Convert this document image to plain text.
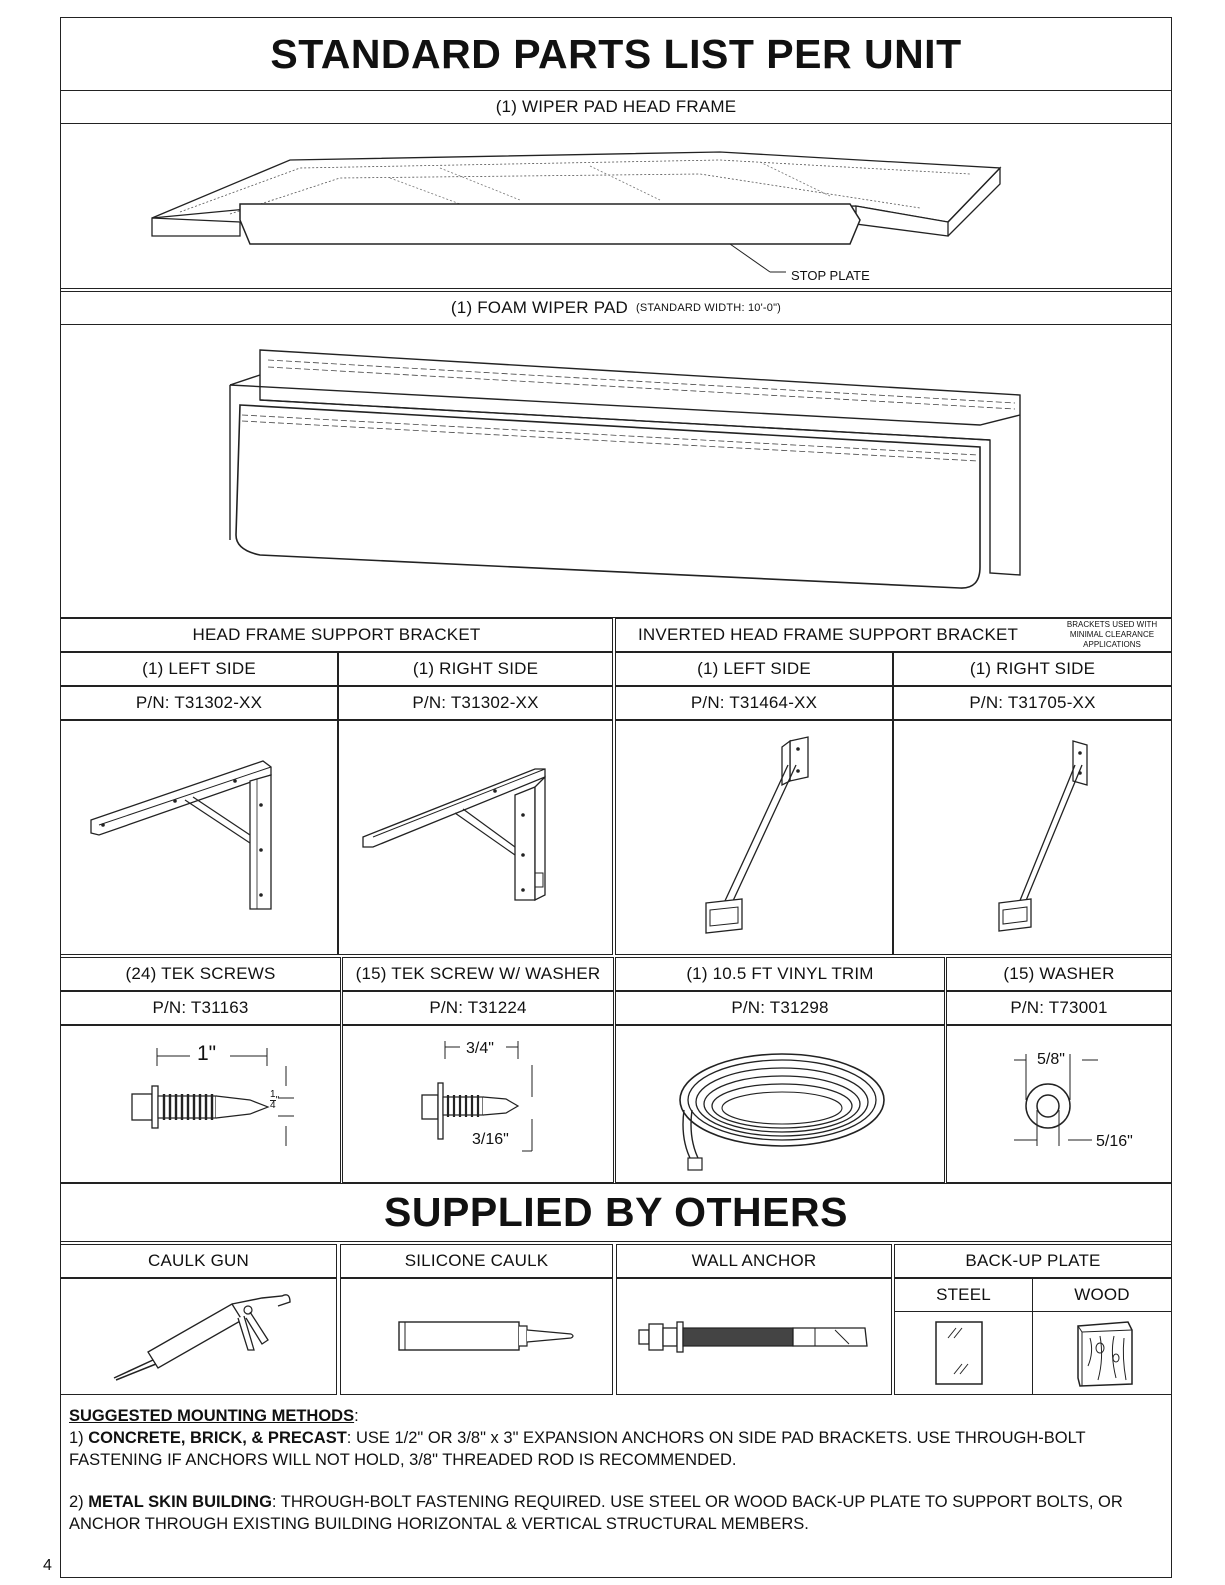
STANDARD PARTS LIST PER UNIT
(1) WIPER PAD HEAD FRAME
STOP PLATE
(1) FOAM WIPER PAD (STANDARD WIDTH: 10'-0")
HEAD FRAME SUPPORT BRACKET	INVERTED HEAD FRAME SUPPORT BRACKET
BRACKETS USED WITH
MINIMAL CLEARANCE
APPLICATIONS
(1) LEFT SIDE	(1) RIGHT SIDE	(1) LEFT SIDE	(1) RIGHT SIDE
P/N: T31302-XX	P/N: T31302-XX	P/N: T31464-XX	P/N: T31705-XX
(24) TEK SCREWS	(15) TEK SCREW W/ WASHER	(1) 10.5 FT VINYL TRIM	(15) WASHER
P/N: T31163	P/N: T31224	P/N: T31298	P/N: T73001
1"
1
4 "
3/4"
3/16"
5/8"
5/16"
SUPPLIED BY OTHERS
CAULK GUN	SILICONE CAULK	WALL ANCHOR	BACK-UP PLATE
STEEL	WOOD
SUGGESTED MOUNTING METHODS:
1) CONCRETE, BRICK, & PRECAST: USE 1/2" OR 3/8" x 3" EXPANSION ANCHORS ON SIDE PAD BRACKETS. USE THROUGH-BOLT FASTENING IF ANCHORS WILL NOT HOLD, 3/8" THREADED ROD IS RECOMMENDED.
2) METAL SKIN BUILDING: THROUGH-BOLT FASTENING REQUIRED. USE STEEL OR WOOD BACK-UP PLATE TO SUPPORT BOLTS, OR ANCHOR THROUGH EXISTING BUILDING HORIZONTAL & VERTICAL STRUCTURAL MEMBERS.
4
